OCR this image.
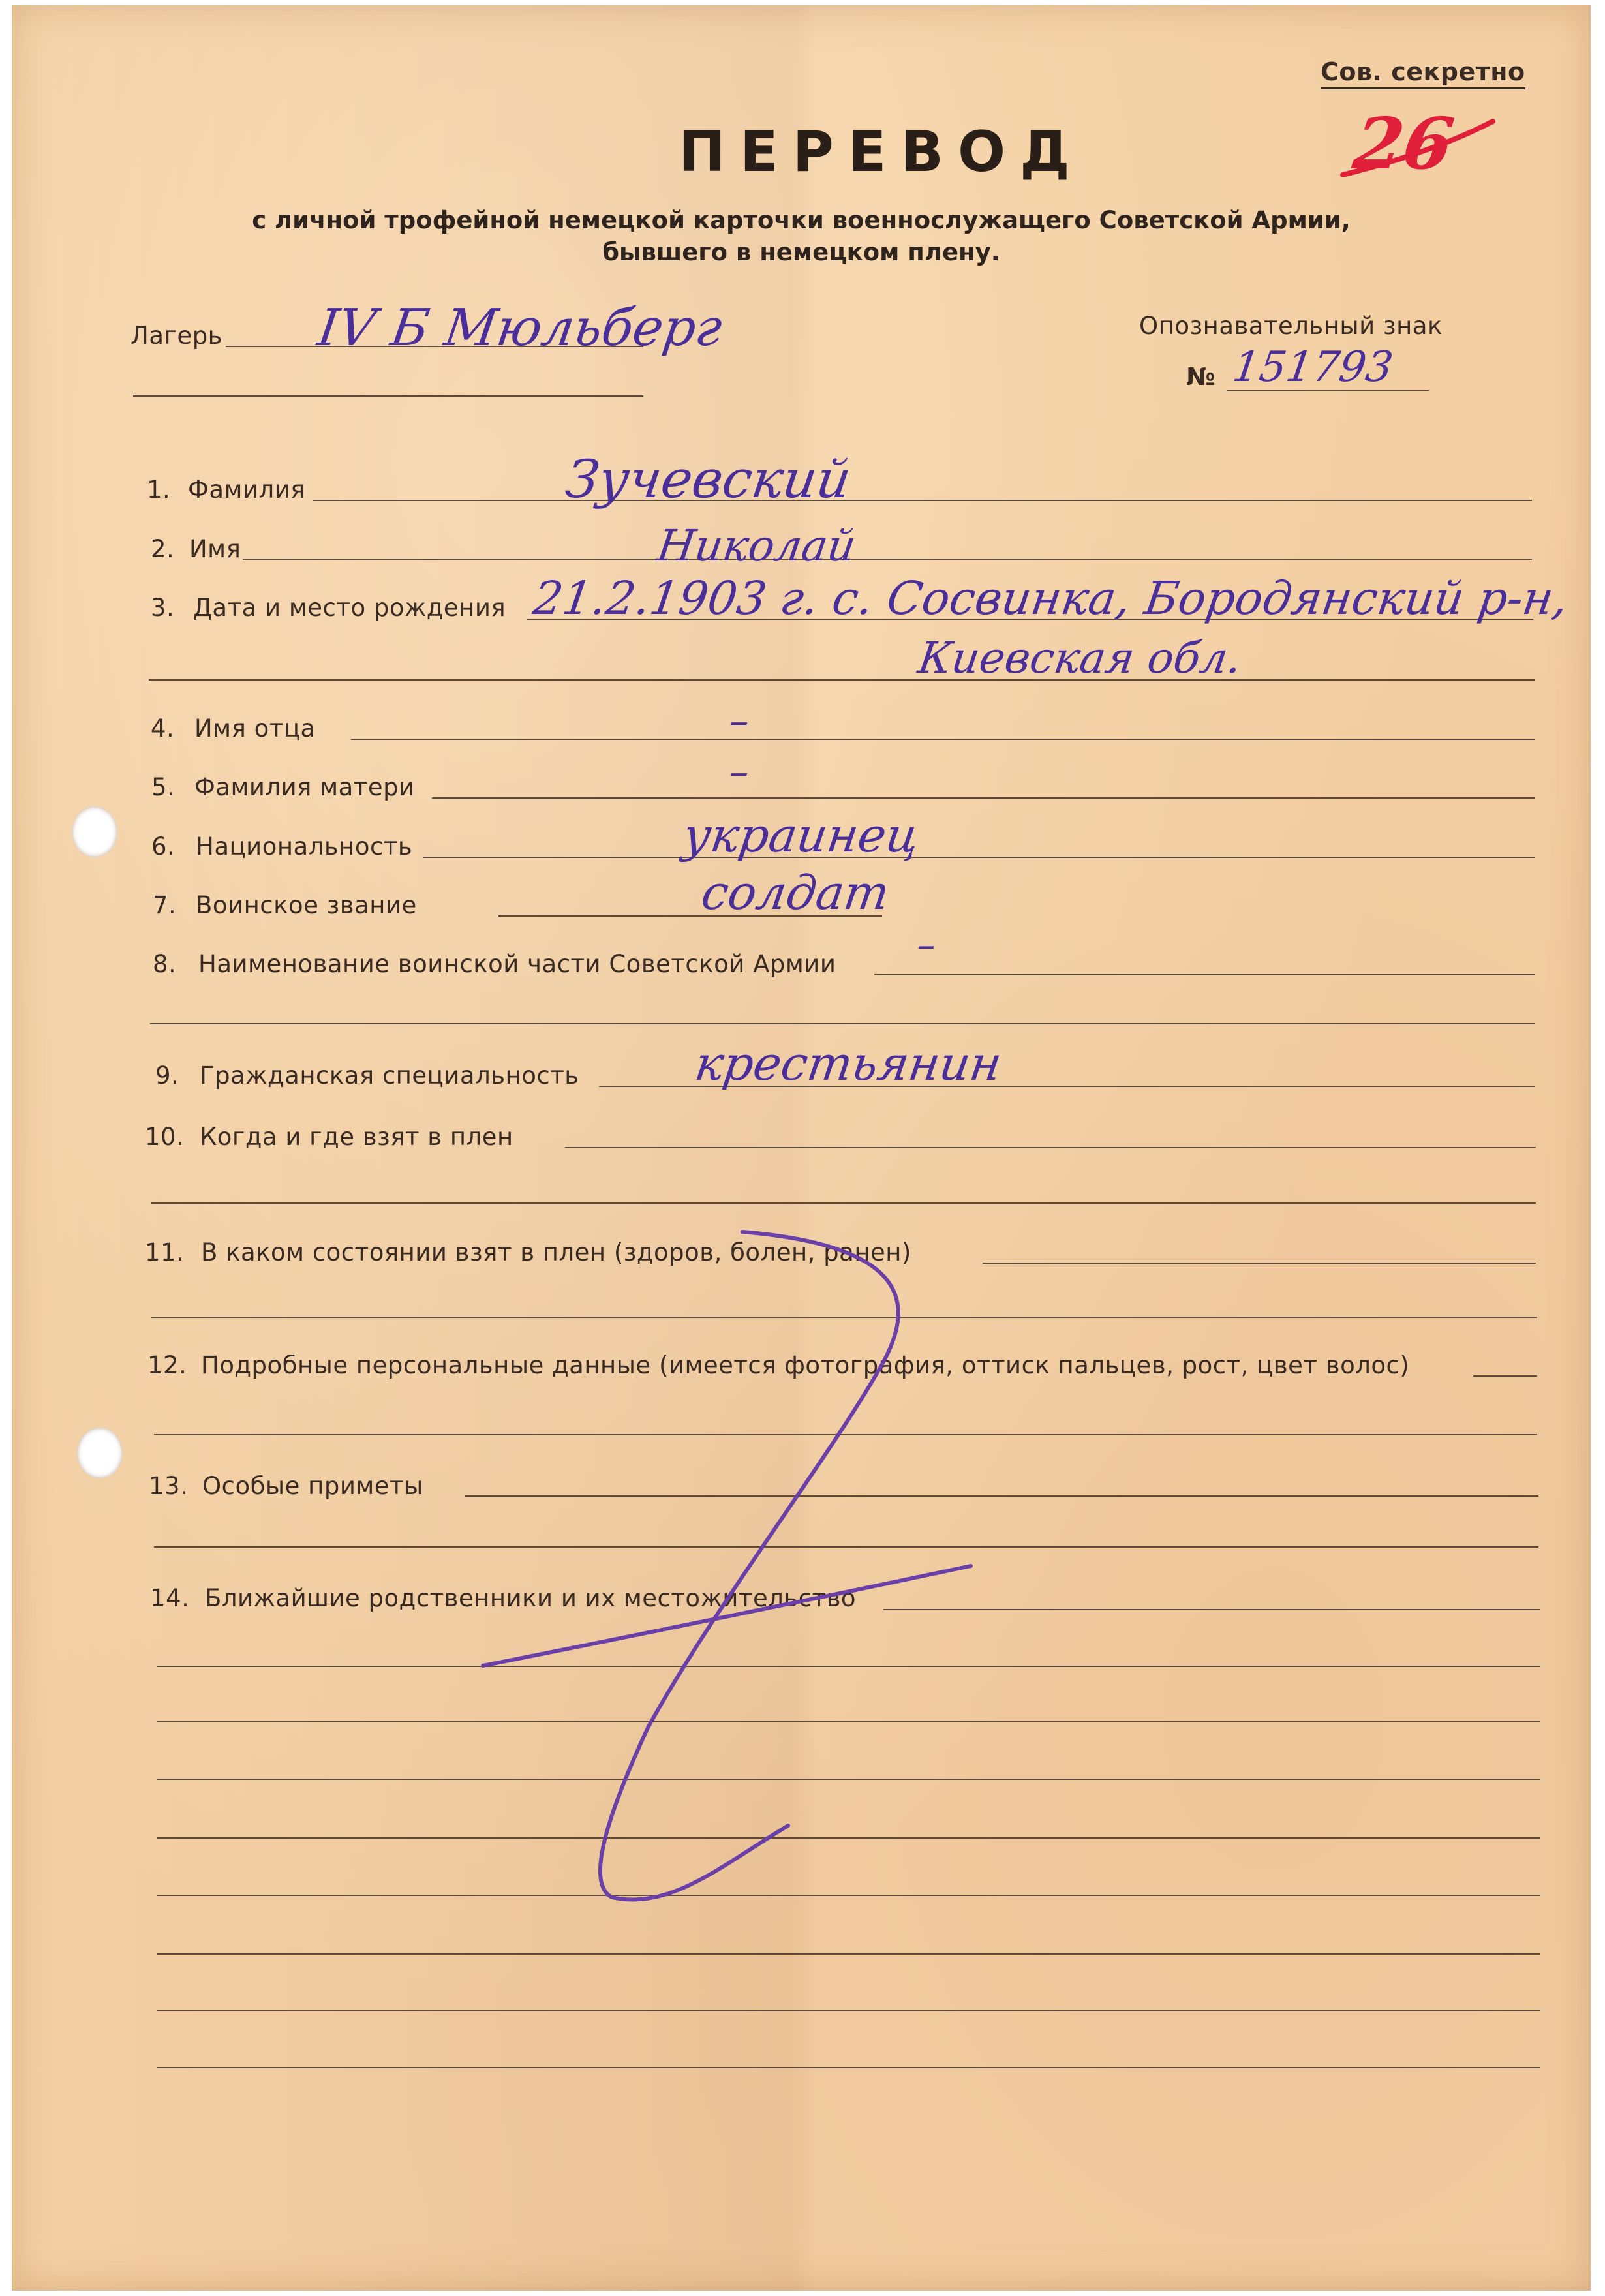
Сов. секретно
ПЕРЕВОД
с личной трофейной немецкой карточки военнослужащего Советской Армии,
бывшего в немецком плену.
26
Лагерь IV Б Мюльберг	Опознавательный знак
№ 151793
1. Фамилия
2. Имя
3. Дата и место рождения
4. Имя отца
5. Фамилия матери
6. Национальность
7. Воинское звание
8. Наименование воинской части Советской Армии
9. Гражданская специальность
10. Когда и где взят в плен
11. В каком состоянии взят в плен (здоров, болен, ранен)
12. Подробные персональные данные (имеется фотография, оттиск пальцев, рост, цвет волос)
13. Особые приметы
14. Ближайшие родственники и их местожительство
Зучевский
Николай
21.2.1903 г. с. Сосвинка, Бородянский р-н,
Киевская обл.
–
–
украинец
солдат
–
крестьянин
